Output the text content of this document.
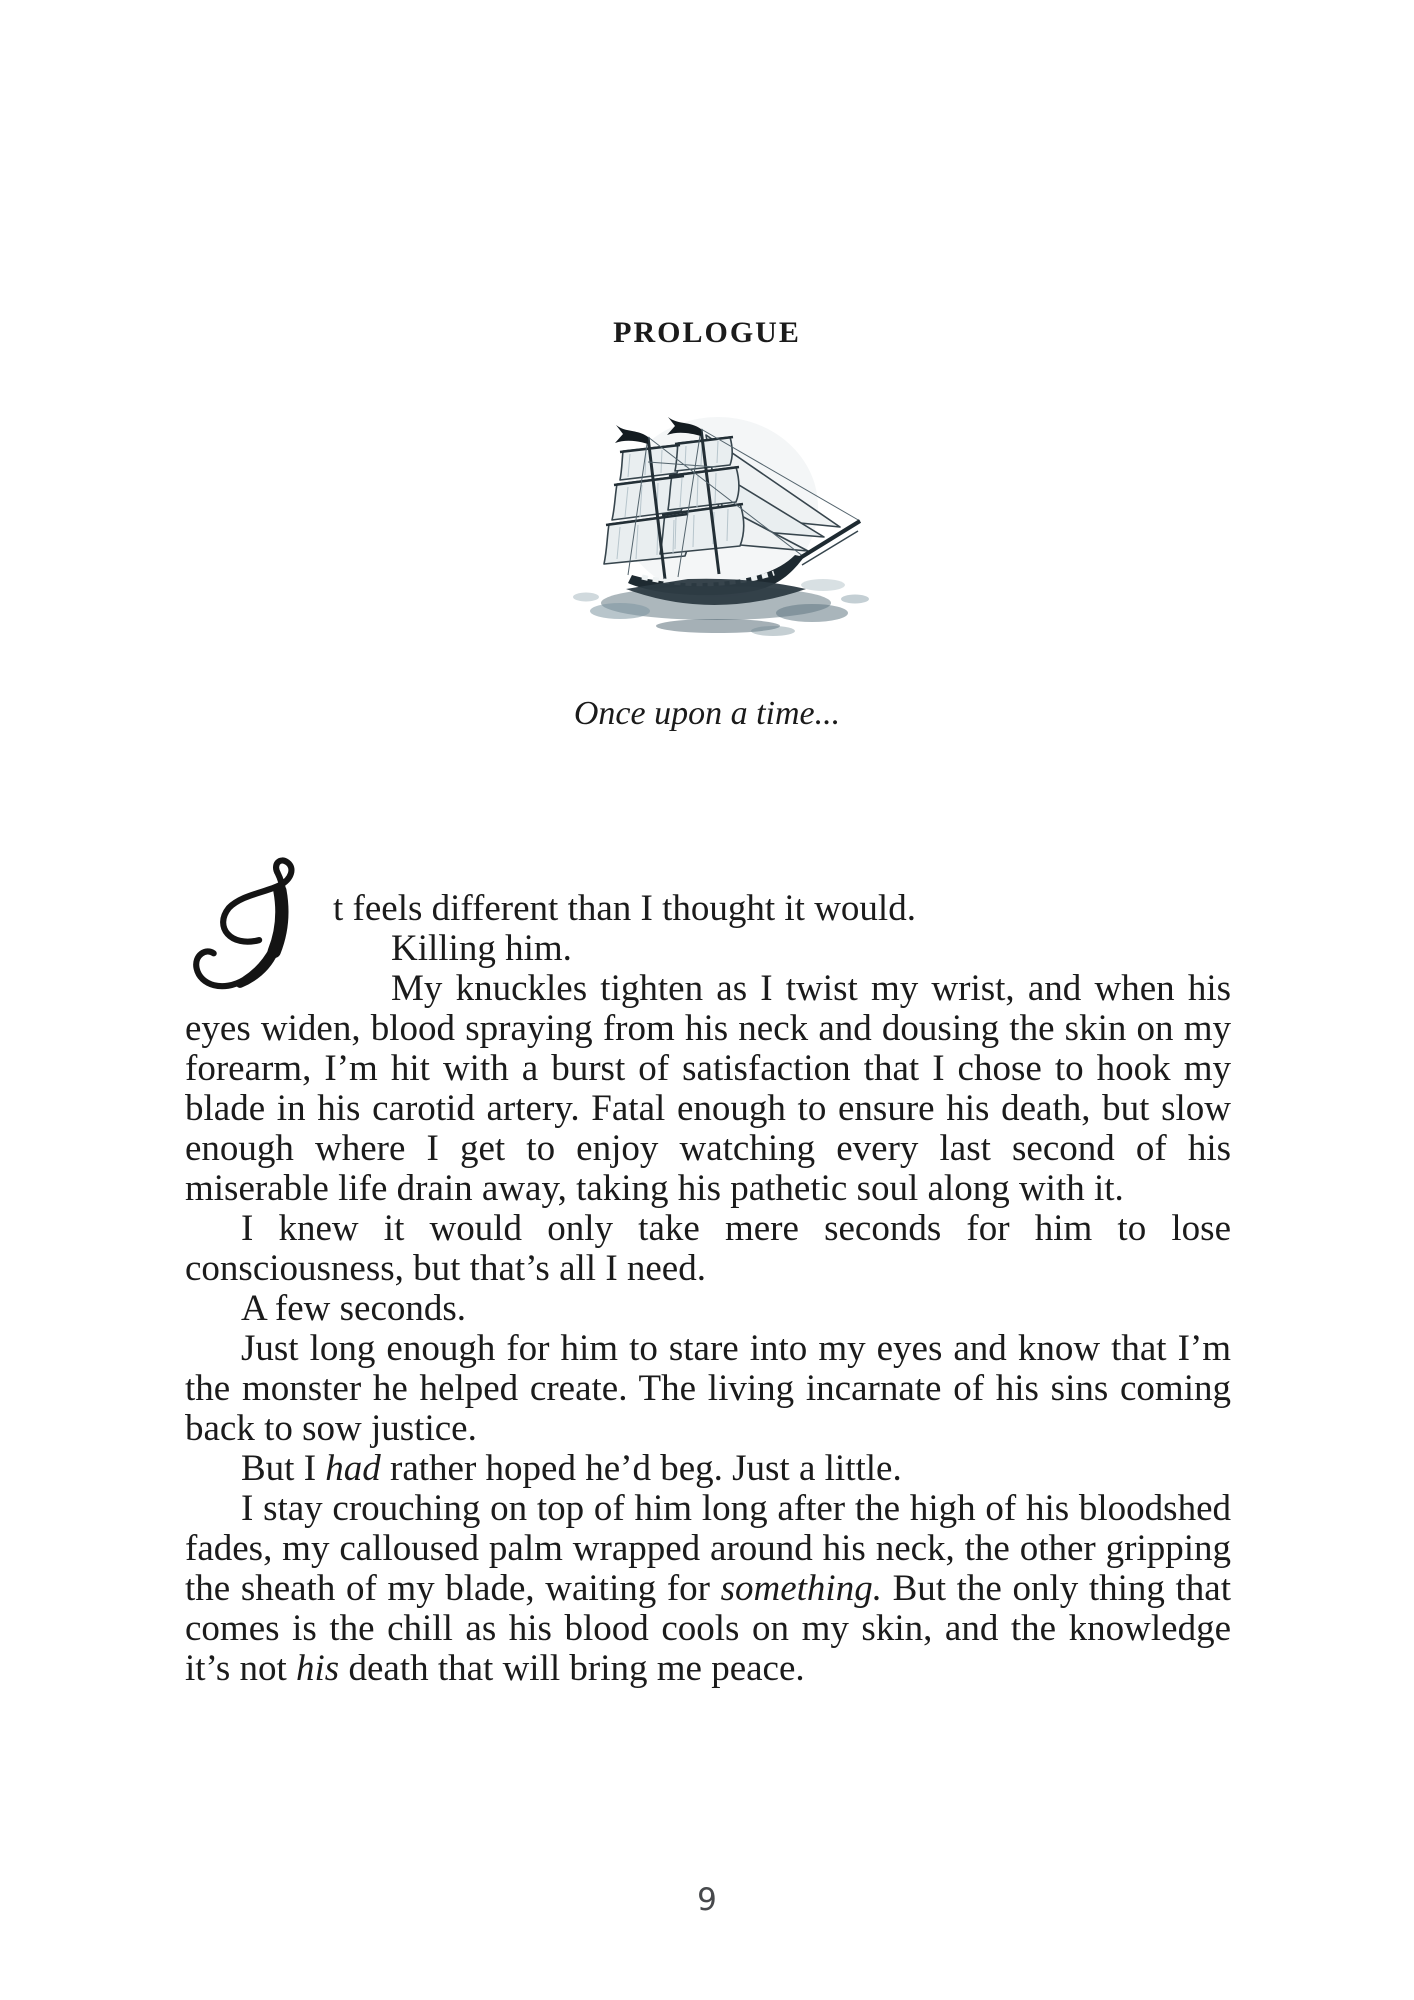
PROLOGUE
Once upon a time...

t feels different than I thought it would.

Killing him.

My knuckles tighten as I twist my wrist, and when his eyes widen, blood spraying from his neck and dousing the skin on my forearm, I’m hit with a burst of satisfaction that I chose to hook my blade in his carotid artery. Fatal enough to ensure his death, but slow enough where I get to enjoy watching every last second of his miserable life drain away, taking his pathetic soul along with it.

I knew it would only take mere seconds for him to lose consciousness, but that’s all I need.

A few seconds.

Just long enough for him to stare into my eyes and know that I’m the monster he helped create. The living incarnate of his sins coming back to sow justice.

But I had rather hoped he’d beg. Just a little.

I stay crouching on top of him long after the high of his bloodshed fades, my calloused palm wrapped around his neck, the other gripping the sheath of my blade, waiting for something. But the only thing that comes is the chill as his blood cools on my skin, and the knowledge it’s not his death that will bring me peace.

9
